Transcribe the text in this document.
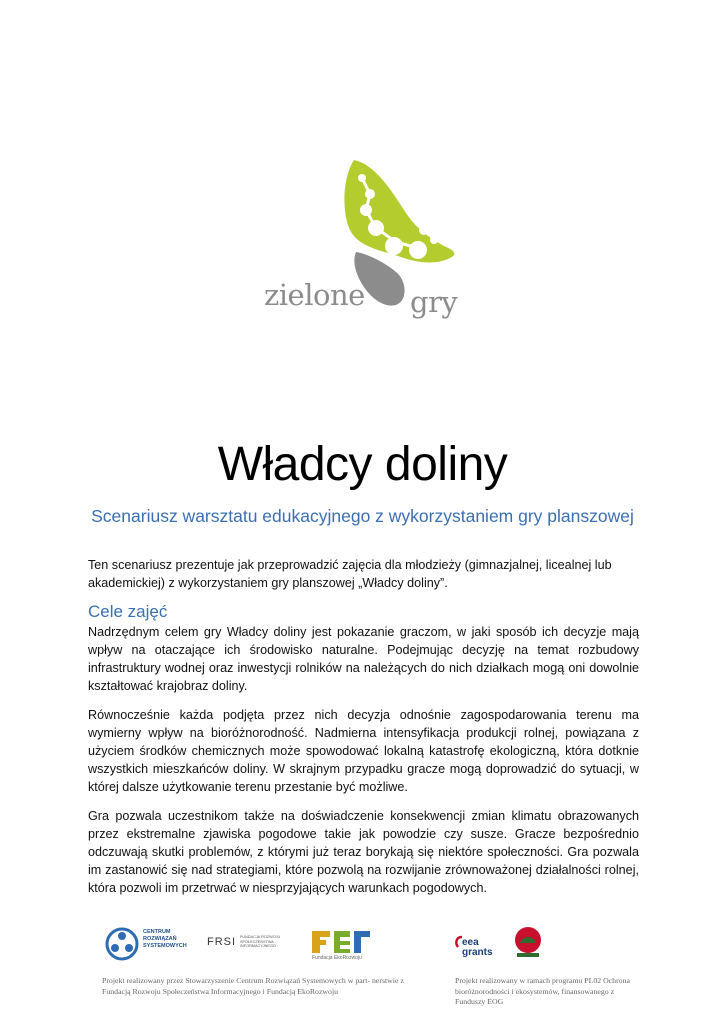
zielone gry
Władcy doliny
Scenariusz warsztatu edukacyjnego z wykorzystaniem gry planszowej

Ten scenariusz prezentuje jak przeprowadzić zajęcia dla młodzieży (gimnazjalnej, licealnej lub akademickiej) z wykorzystaniem gry planszowej „Władcy doliny”.

Cele zajęć

Nadrzędnym celem gry Władcy doliny jest pokazanie graczom, w jaki sposób ich decyzje mają wpływ na otaczające ich środowisko naturalne. Podejmując decyzję na temat rozbudowy infrastruktury wodnej oraz inwestycji rolników na należących do nich działkach mogą oni dowolnie kształtować krajobraz doliny.

Równocześnie każda podjęta przez nich decyzja odnośnie zagospodarowania terenu ma wymierny wpływ na bioróżnorodność. Nadmierna intensyfikacja produkcji rolnej, powiązana z użyciem środków chemicznych może spowodować lokalną katastrofę ekologiczną, która dotknie wszystkich mieszkańców doliny. W skrajnym przypadku gracze mogą doprowadzić do sytuacji, w której dalsze użytkowanie terenu przestanie być możliwe.

Gra pozwala uczestnikom także na doświadczenie konsekwencji zmian klimatu obrazowanych przez ekstremalne zjawiska pogodowe takie jak powodzie czy susze. Gracze bezpośrednio odczuwają skutki problemów, z którymi już teraz borykają się niektóre społeczności. Gra pozwala im zastanowić się nad strategiami, które pozwolą na rozwijanie zrównoważonej działalności rolnej, która pozwoli im przetrwać w niesprzyjających warunkach pogodowych.

CENTRUM ROZWIĄZAŃ SYSTEMOWYCH	FRSI FUNDACJA ROZWOJU SPOŁECZEŃSTWA INFORMACYJNEGO
Fundacja EkoRozwoju
eea grants
Projekt realizowany przez Stowarzyszenie Centrum Rozwiązań Systemowych w part- nerstwie z Fundacją Rozwoju Społeczeństwa Informacyjnego i Fundacją EkoRozwoju
Projekt realizowany w ramach programu PL02 Ochrona bioróżnorodności i ekosystemów, finansowanego z Funduszy EOG
